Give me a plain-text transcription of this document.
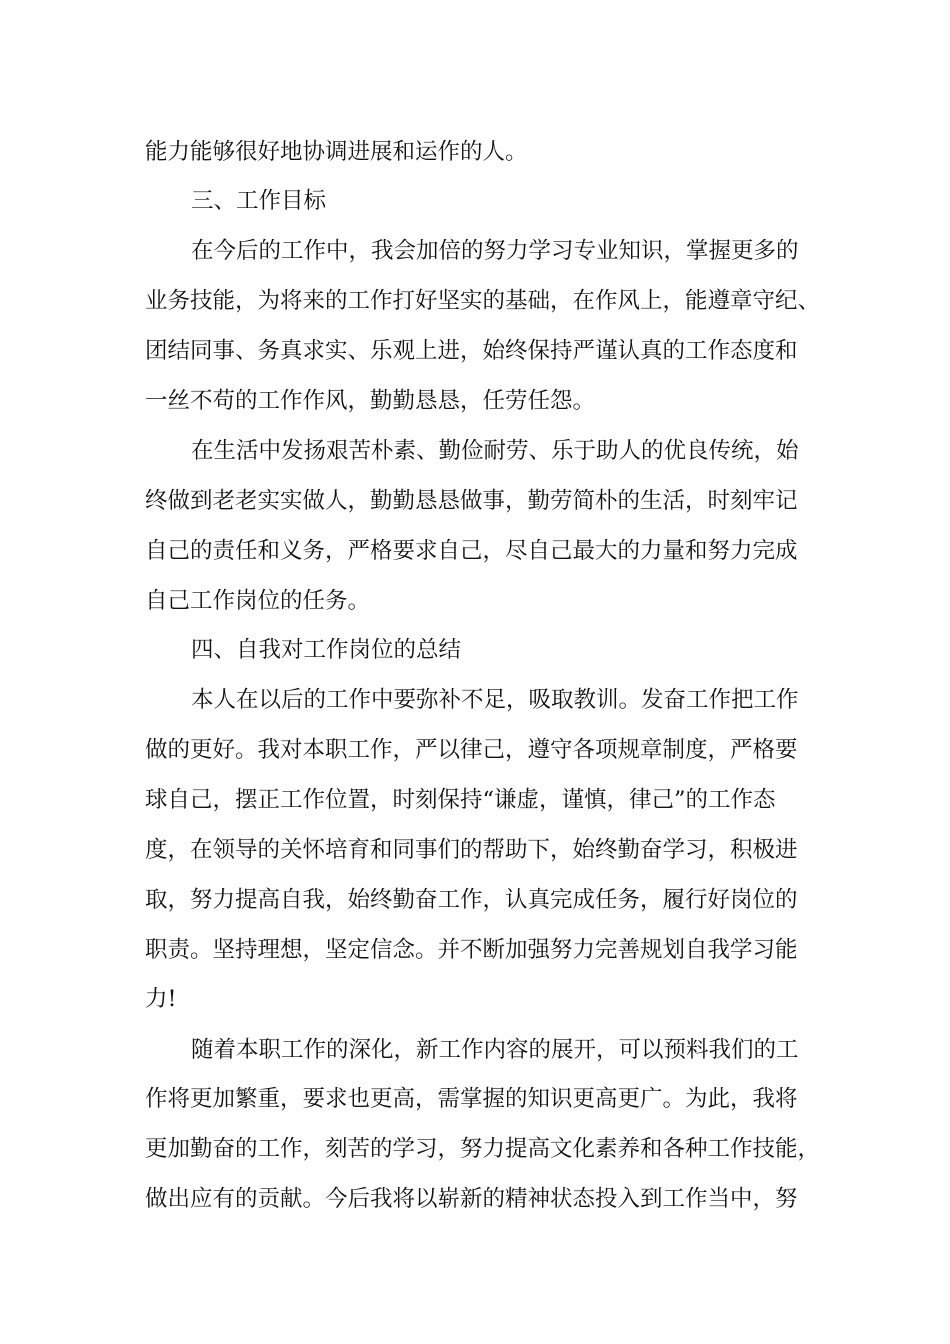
能力能够很好地协调进展和运作的人。
三、工作目标
在今后的工作中，我会加倍的努力学习专业知识，掌握更多的
业务技能，为将来的工作打好坚实的基础，在作风上，能遵章守纪、
团结同事、务真求实、乐观上进，始终保持严谨认真的工作态度和
一丝不苟的工作作风，勤勤恳恳，任劳任怨。
在生活中发扬艰苦朴素、勤俭耐劳、乐于助人的优良传统，始
终做到老老实实做人，勤勤恳恳做事，勤劳简朴的生活，时刻牢记
自己的责任和义务，严格要求自己，尽自己最大的力量和努力完成
自己工作岗位的任务。
四、自我对工作岗位的总结
本人在以后的工作中要弥补不足，吸取教训。发奋工作把工作
做的更好。我对本职工作，严以律己，遵守各项规章制度，严格要
球自己，摆正工作位置，时刻保持“谦虚，谨慎，律己”的工作态
度，在领导的关怀培育和同事们的帮助下，始终勤奋学习，积极进
取，努力提高自我，始终勤奋工作，认真完成任务，履行好岗位的
职责。坚持理想，坚定信念。并不断加强努力完善规划自我学习能
力!
随着本职工作的深化，新工作内容的展开，可以预料我们的工
作将更加繁重，要求也更高，需掌握的知识更高更广。为此，我将
更加勤奋的工作，刻苦的学习，努力提高文化素养和各种工作技能，
做出应有的贡献。今后我将以崭新的精神状态投入到工作当中，努
